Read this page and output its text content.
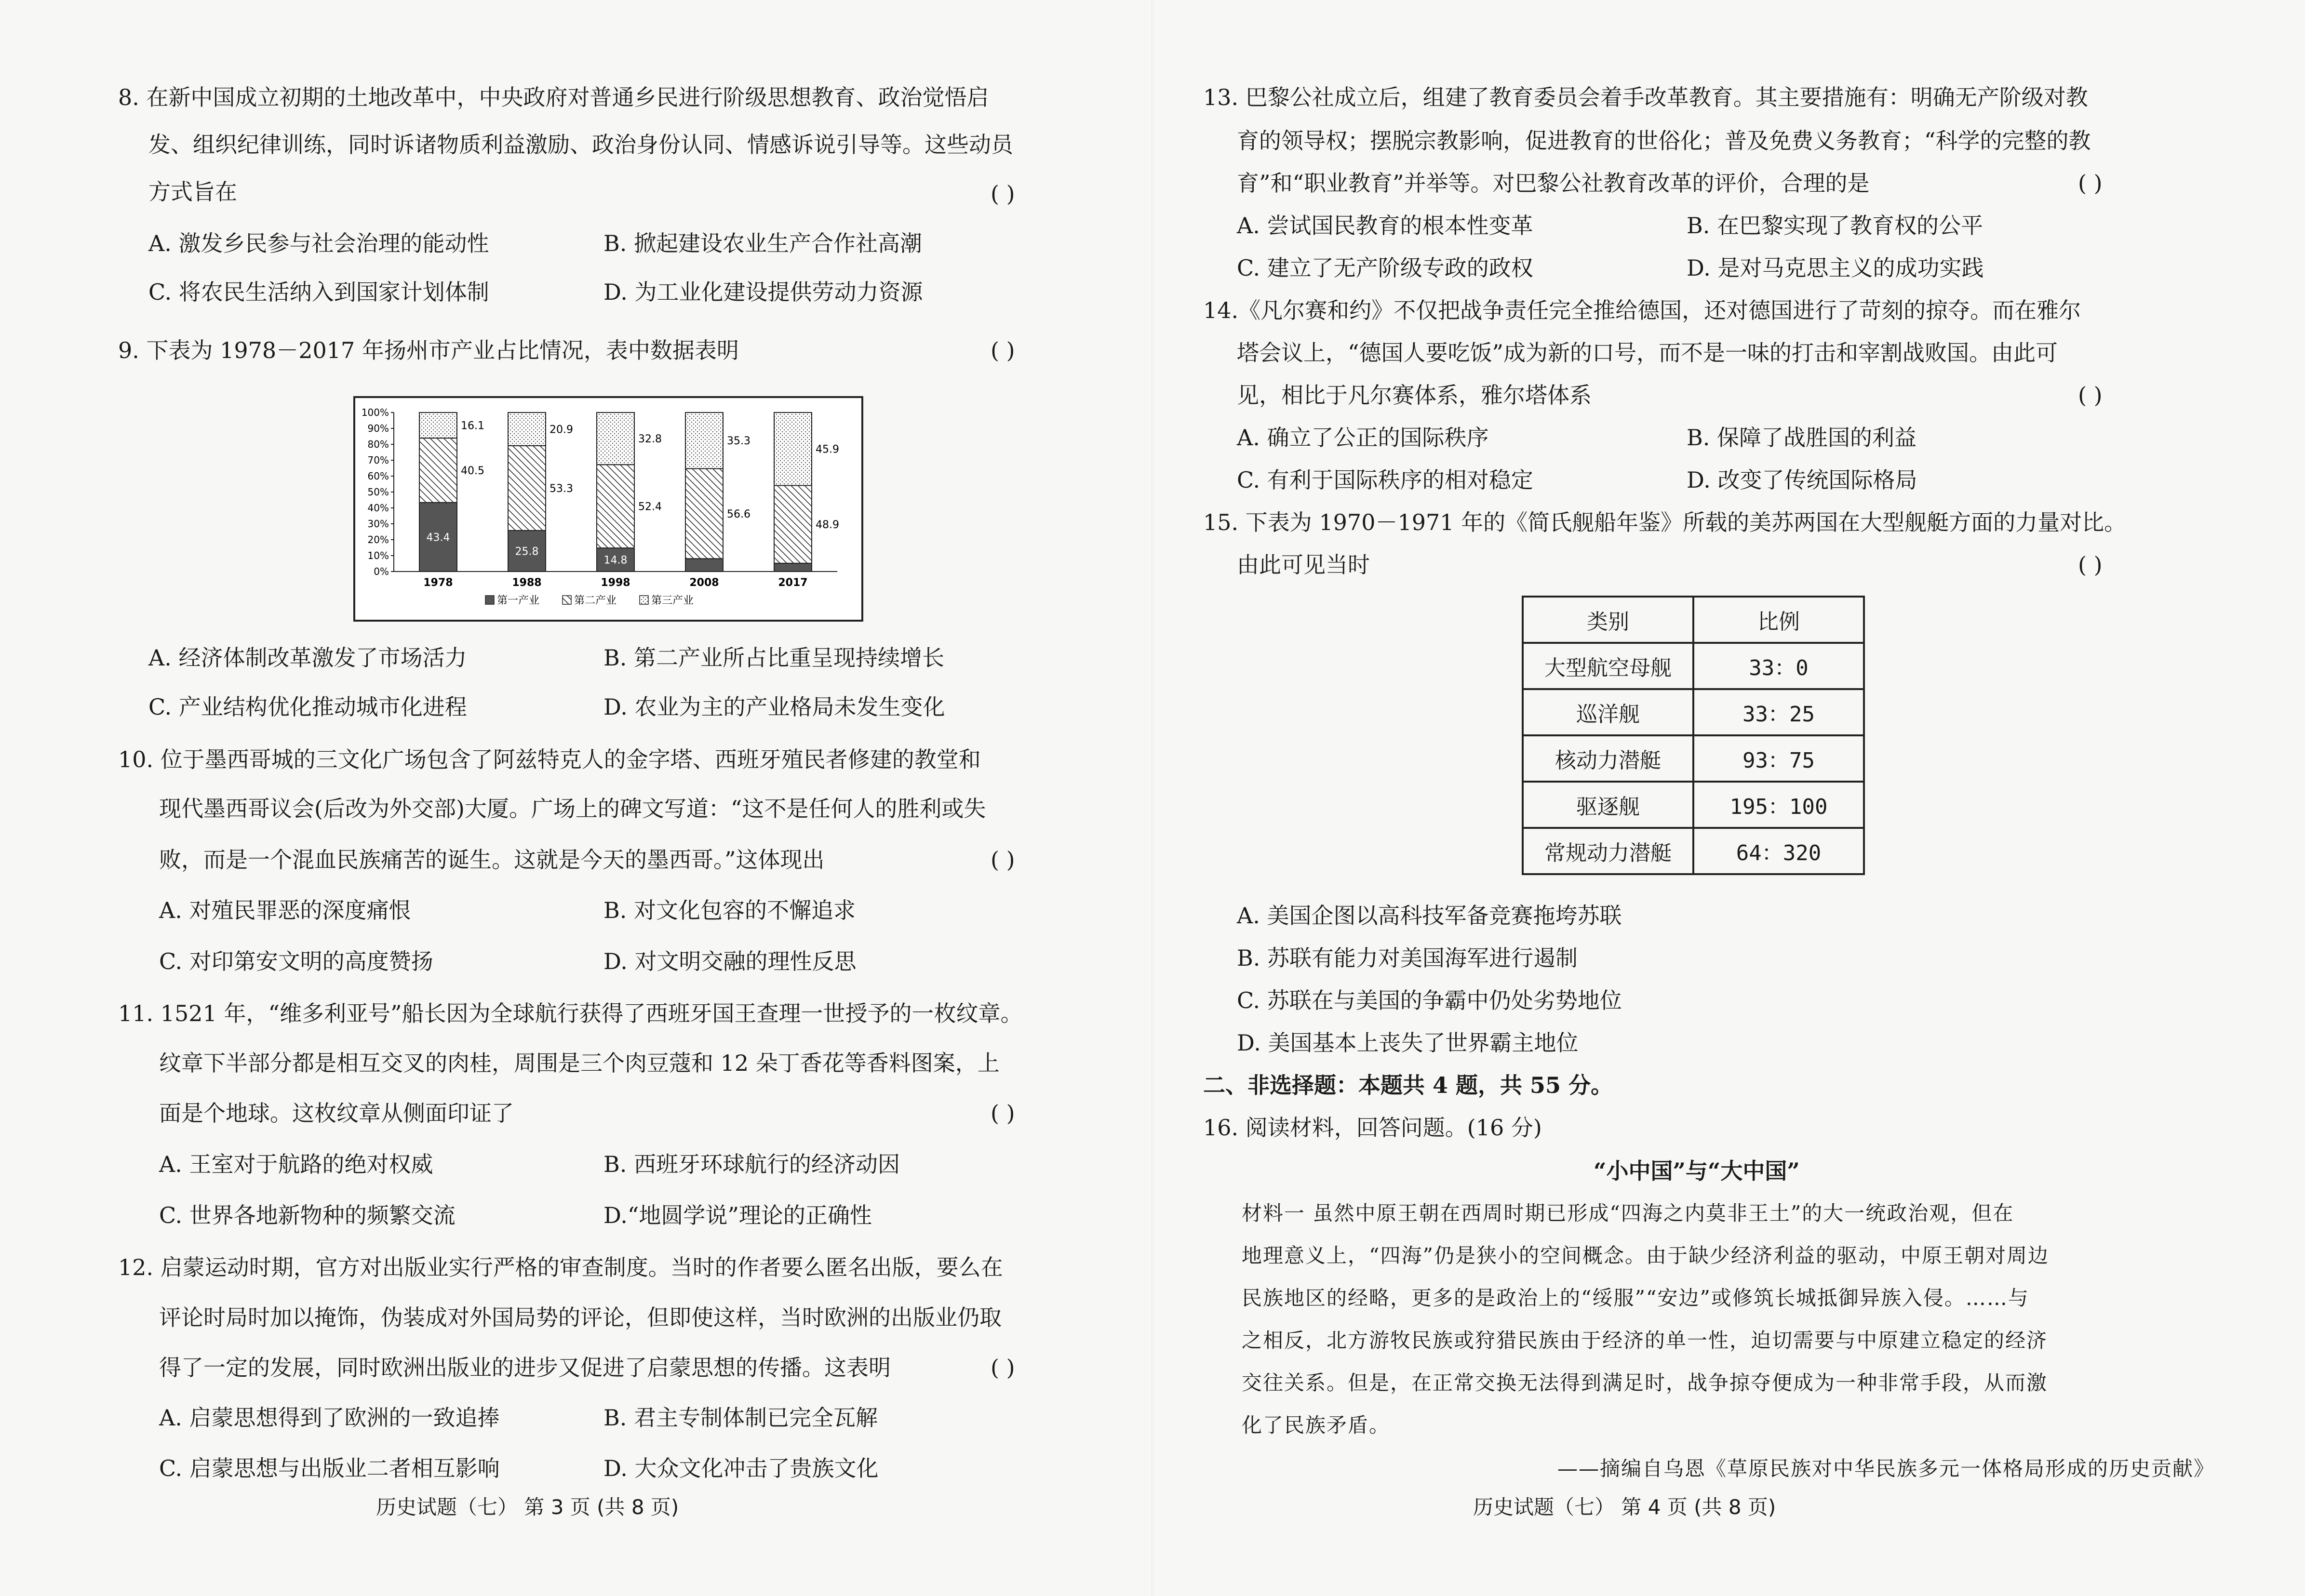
8. 在新中国成立初期的土地改革中，中央政府对普通乡民进行阶级思想教育、政治觉悟启
发、组织纪律训练，同时诉诸物质利益激励、政治身份认同、情感诉说引导等。这些动员
方式旨在	( )
A. 激发乡民参与社会治理的能动性	B. 掀起建设农业生产合作社高潮
C. 将农民生活纳入到国家计划体制	D. 为工业化建设提供劳动力资源
9. 下表为 1978－2017 年扬州市产业占比情况，表中数据表明	( )
0%
10%
20%
30%
40%
50%
60%
70%
80%
90%
100%
43.4
40.5
16.1
1978
25.8
53.3
20.9
1988
14.8
52.4
32.8
1998
56.6
35.3
2008
48.9
45.9
2017
第一产业	第二产业	第三产业
A. 经济体制改革激发了市场活力	B. 第二产业所占比重呈现持续增长
C. 产业结构优化推动城市化进程	D. 农业为主的产业格局未发生变化
10. 位于墨西哥城的三文化广场包含了阿兹特克人的金字塔、西班牙殖民者修建的教堂和
现代墨西哥议会(后改为外交部)大厦。广场上的碑文写道：“这不是任何人的胜利或失
败，而是一个混血民族痛苦的诞生。这就是今天的墨西哥。”这体现出	( )
A. 对殖民罪恶的深度痛恨	B. 对文化包容的不懈追求
C. 对印第安文明的高度赞扬	D. 对文明交融的理性反思
11. 1521 年，“维多利亚号”船长因为全球航行获得了西班牙国王查理一世授予的一枚纹章。
纹章下半部分都是相互交叉的肉桂，周围是三个肉豆蔻和 12 朵丁香花等香料图案，上
面是个地球。这枚纹章从侧面印证了	( )
A. 王室对于航路的绝对权威	B. 西班牙环球航行的经济动因
C. 世界各地新物种的频繁交流	D.“地圆学说”理论的正确性
12. 启蒙运动时期，官方对出版业实行严格的审查制度。当时的作者要么匿名出版，要么在
评论时局时加以掩饰，伪装成对外国局势的评论，但即使这样，当时欧洲的出版业仍取
得了一定的发展，同时欧洲出版业的进步又促进了启蒙思想的传播。这表明	( )
A. 启蒙思想得到了欧洲的一致追捧	B. 君主专制体制已完全瓦解
C. 启蒙思想与出版业二者相互影响	D. 大众文化冲击了贵族文化
历史试题（七） 第 3 页 (共 8 页)
13. 巴黎公社成立后，组建了教育委员会着手改革教育。其主要措施有：明确无产阶级对教
育的领导权；摆脱宗教影响，促进教育的世俗化；普及免费义务教育；“科学的完整的教
育”和“职业教育”并举等。对巴黎公社教育改革的评价，合理的是	( )
A. 尝试国民教育的根本性变革	B. 在巴黎实现了教育权的公平
C. 建立了无产阶级专政的政权	D. 是对马克思主义的成功实践
14.《凡尔赛和约》不仅把战争责任完全推给德国，还对德国进行了苛刻的掠夺。而在雅尔
塔会议上，“德国人要吃饭”成为新的口号，而不是一味的打击和宰割战败国。由此可
见，相比于凡尔赛体系，雅尔塔体系	( )
A. 确立了公正的国际秩序	B. 保障了战胜国的利益
C. 有利于国际秩序的相对稳定	D. 改变了传统国际格局
15. 下表为 1970－1971 年的《简氏舰船年鉴》所载的美苏两国在大型舰艇方面的力量对比。
由此可见当时	( )
类别	比例
大型航空母舰	33：0
巡洋舰	33：25
核动力潜艇	93：75
驱逐舰	195：100
常规动力潜艇	64：320
A. 美国企图以高科技军备竞赛拖垮苏联
B. 苏联有能力对美国海军进行遏制
C. 苏联在与美国的争霸中仍处劣势地位
D. 美国基本上丧失了世界霸主地位
二、非选择题：本题共 4 题，共 55 分。
16. 阅读材料，回答问题。(16 分)
“小中国”与“大中国”
材料一 虽然中原王朝在西周时期已形成“四海之内莫非王土”的大一统政治观，但在
地理意义上，“四海”仍是狭小的空间概念。由于缺少经济利益的驱动，中原王朝对周边
民族地区的经略，更多的是政治上的“绥服”“安边”或修筑长城抵御异族入侵。……与
之相反，北方游牧民族或狩猎民族由于经济的单一性，迫切需要与中原建立稳定的经济
交往关系。但是，在正常交换无法得到满足时，战争掠夺便成为一种非常手段，从而激
化了民族矛盾。
——摘编自乌恩《草原民族对中华民族多元一体格局形成的历史贡献》
历史试题（七） 第 4 页 (共 8 页)
